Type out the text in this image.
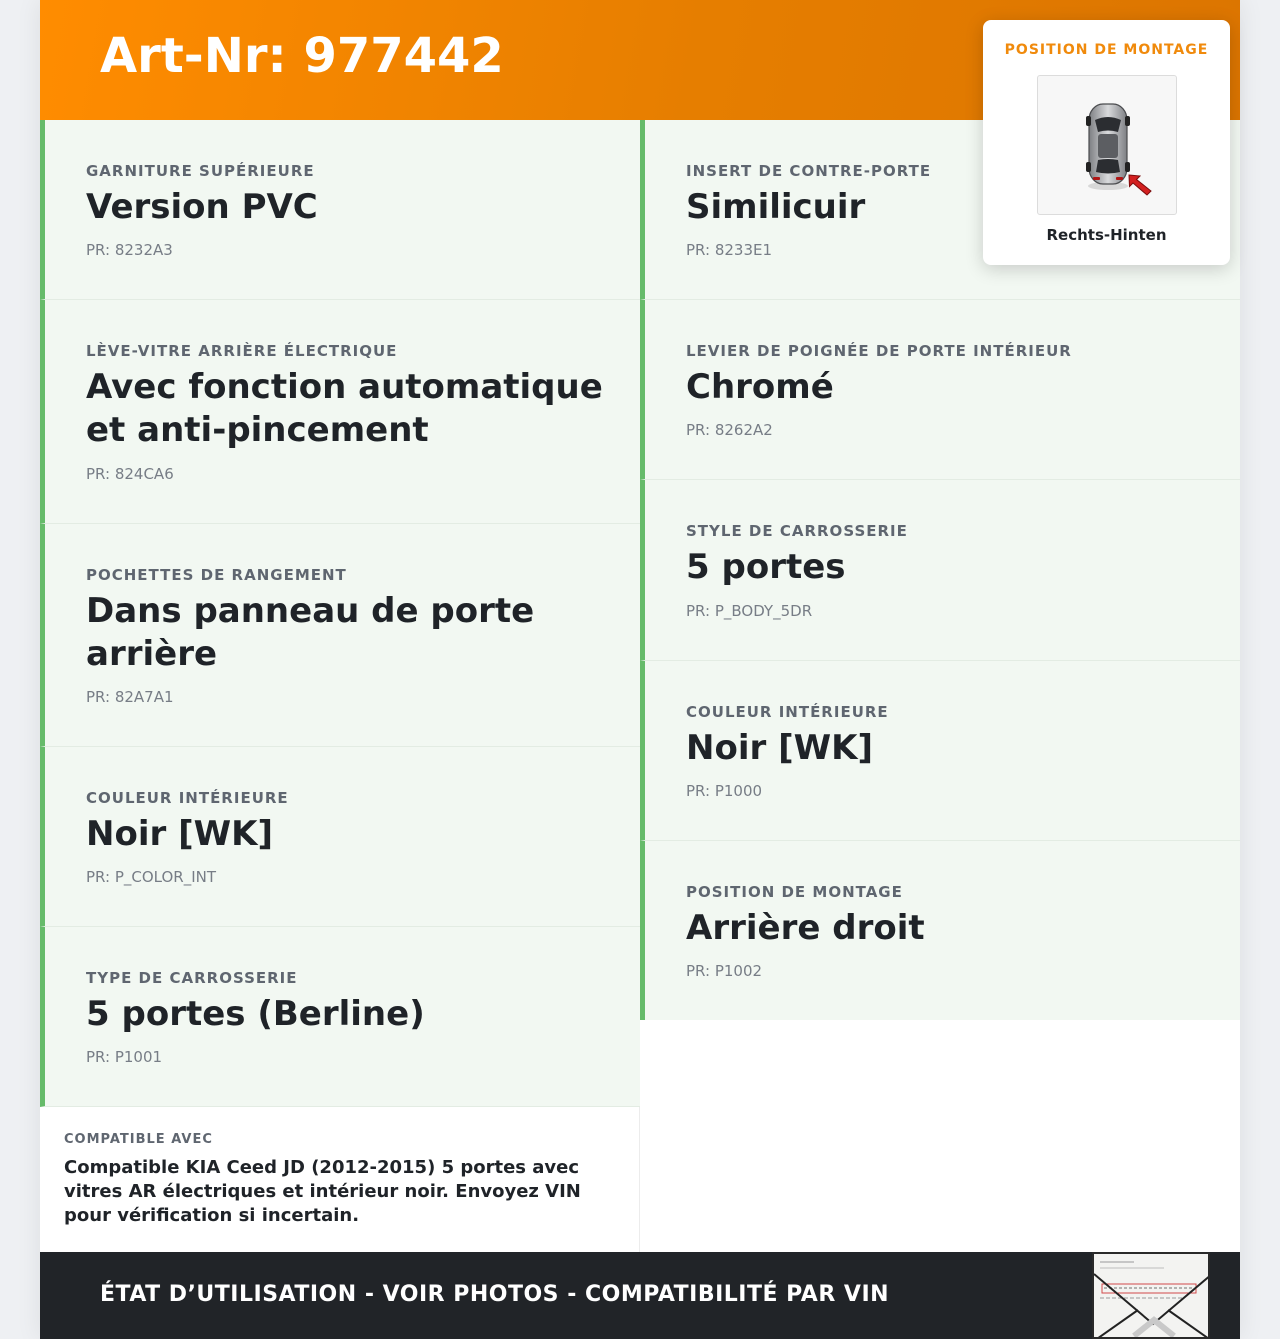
Art-Nr: 977442
GARNITURE SUPÉRIEURE
Version PVC
PR: 8232A3
LÈVE-VITRE ARRIÈRE ÉLECTRIQUE
Avec fonction automatique et anti-pincement
PR: 824CA6
POCHETTES DE RANGEMENT
Dans panneau de porte arrière
PR: 82A7A1
COULEUR INTÉRIEURE
Noir [WK]
PR: P_COLOR_INT
TYPE DE CARROSSERIE
5 portes (Berline)
PR: P1001
INSERT DE CONTRE-PORTE
Similicuir
PR: 8233E1
LEVIER DE POIGNÉE DE PORTE INTÉRIEUR
Chromé
PR: 8262A2
STYLE DE CARROSSERIE
5 portes
PR: P_BODY_5DR
COULEUR INTÉRIEURE
Noir [WK]
PR: P1000
POSITION DE MONTAGE
Arrière droit
PR: P1002
COMPATIBLE AVEC
Compatible KIA Ceed JD (2012-2015) 5 portes avec vitres AR électriques et intérieur noir. Envoyez VIN pour vérification si incertain.
ÉTAT D’UTILISATION - VOIR PHOTOS - COMPATIBILITÉ PAR VIN
POSITION DE MONTAGE
Rechts-Hinten
